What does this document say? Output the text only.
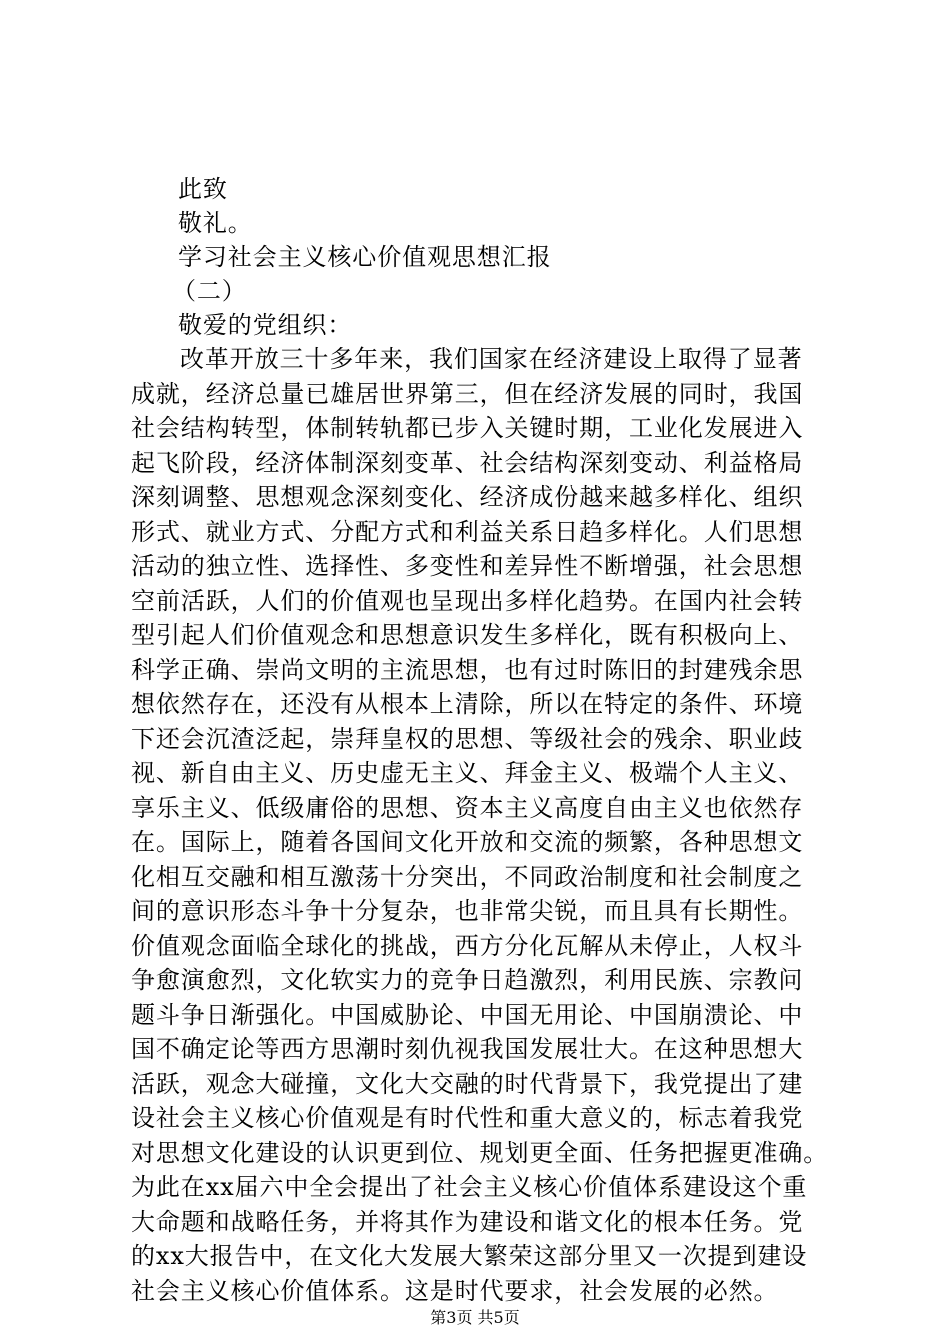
此致
敬礼。
学习社会主义核心价值观思想汇报
（二）
敬爱的党组织：
改革开放三十多年来，我们国家在经济建设上取得了显著
成就，经济总量已雄居世界第三，但在经济发展的同时，我国
社会结构转型，体制转轨都已步入关键时期，工业化发展进入
起飞阶段，经济体制深刻变革、社会结构深刻变动、利益格局
深刻调整、思想观念深刻变化、经济成份越来越多样化、组织
形式、就业方式、分配方式和利益关系日趋多样化。人们思想
活动的独立性、选择性、多变性和差异性不断增强，社会思想
空前活跃，人们的价值观也呈现出多样化趋势。在国内社会转
型引起人们价值观念和思想意识发生多样化，既有积极向上、
科学正确、崇尚文明的主流思想，也有过时陈旧的封建残余思
想依然存在，还没有从根本上清除，所以在特定的条件、环境
下还会沉渣泛起，崇拜皇权的思想、等级社会的残余、职业歧
视、新自由主义、历史虚无主义、拜金主义、极端个人主义、
享乐主义、低级庸俗的思想、资本主义高度自由主义也依然存
在。国际上，随着各国间文化开放和交流的频繁，各种思想文
化相互交融和相互激荡十分突出，不同政治制度和社会制度之
间的意识形态斗争十分复杂，也非常尖锐，而且具有长期性。
价值观念面临全球化的挑战，西方分化瓦解从未停止，人权斗
争愈演愈烈，文化软实力的竞争日趋激烈，利用民族、宗教问
题斗争日渐强化。中国威胁论、中国无用论、中国崩溃论、中
国不确定论等西方思潮时刻仇视我国发展壮大。在这种思想大
活跃，观念大碰撞，文化大交融的时代背景下，我党提出了建
设社会主义核心价值观是有时代性和重大意义的，标志着我党
对思想文化建设的认识更到位、规划更全面、任务把握更准确。
为此在xx届六中全会提出了社会主义核心价值体系建设这个重
大命题和战略任务，并将其作为建设和谐文化的根本任务。党
的xx大报告中，在文化大发展大繁荣这部分里又一次提到建设
社会主义核心价值体系。这是时代要求，社会发展的必然。
第3页 共5页
